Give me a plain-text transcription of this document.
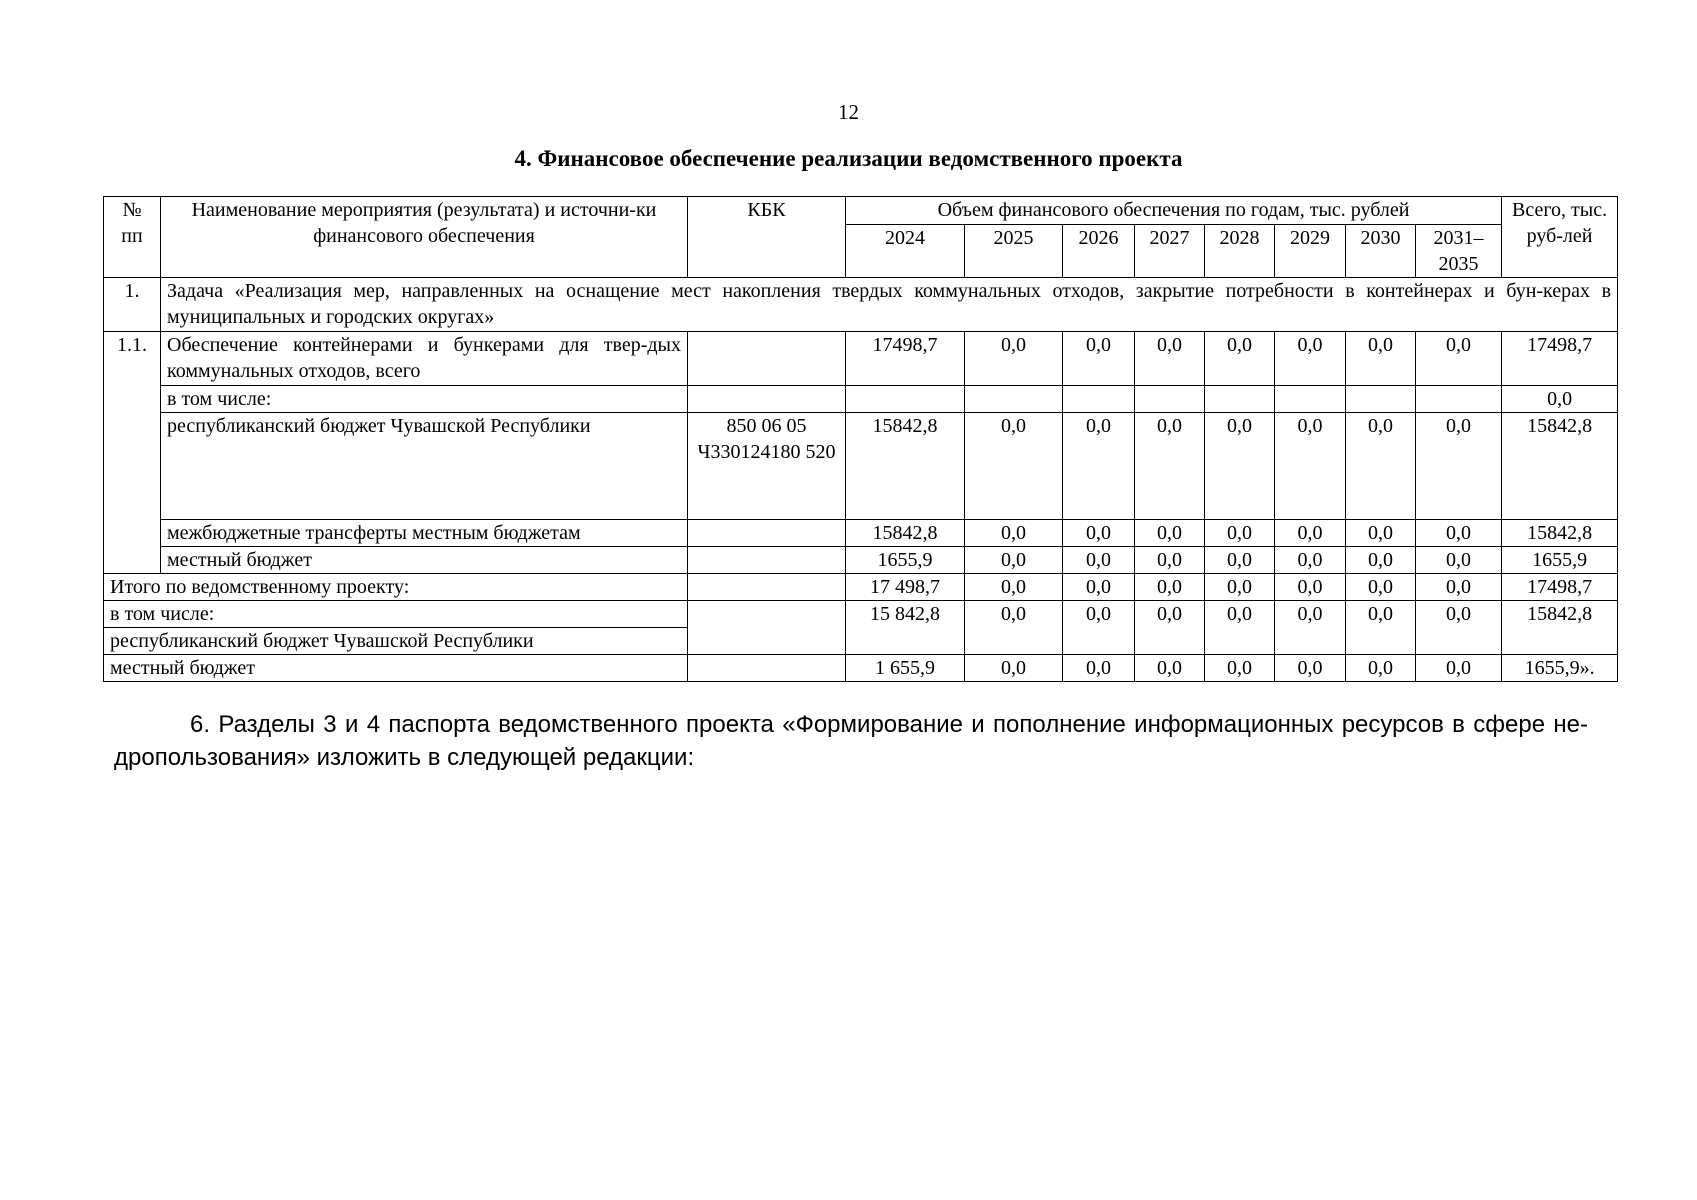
12
4. Финансовое обеспечение реализации ведомственного проекта
№ пп	Наименование мероприятия (результата) и источни-ки финансового обеспечения	КБК	Объем финансового обеспечения по годам, тыс. рублей								Всего, тыс. руб-лей
			2024	2025	2026	2027	2028	2029	2030	2031–2035	
1.	Задача «Реализация мер, направленных на оснащение мест накопления твердых коммунальных отходов, закрытие потребности в контейнерах и бун-керах в муниципальных и городских округах»										
1.1.	Обеспечение контейнерами и бункерами для твер-дых коммунальных отходов, всего		17498,7	0,0	0,0	0,0	0,0	0,0	0,0	0,0	17498,7
	в том числе:										0,0
	республиканский бюджет Чувашской Республики	850 06 05 Ч330124180 520	15842,8	0,0	0,0	0,0	0,0	0,0	0,0	0,0	15842,8
	межбюджетные трансферты местным бюджетам		15842,8	0,0	0,0	0,0	0,0	0,0	0,0	0,0	15842,8
	местный бюджет		1655,9	0,0	0,0	0,0	0,0	0,0	0,0	0,0	1655,9
Итого по ведомственному проекту:			17 498,7	0,0	0,0	0,0	0,0	0,0	0,0	0,0	17498,7
в том числе:			15 842,8	0,0	0,0	0,0	0,0	0,0	0,0	0,0	15842,8
республиканский бюджет Чувашской Республики											
местный бюджет			1 655,9	0,0	0,0	0,0	0,0	0,0	0,0	0,0	1655,9».
6. Разделы 3 и 4 паспорта ведомственного проекта «Формирование и пополнение информационных ресурсов в сфере не-дропользования» изложить в следующей редакции:
